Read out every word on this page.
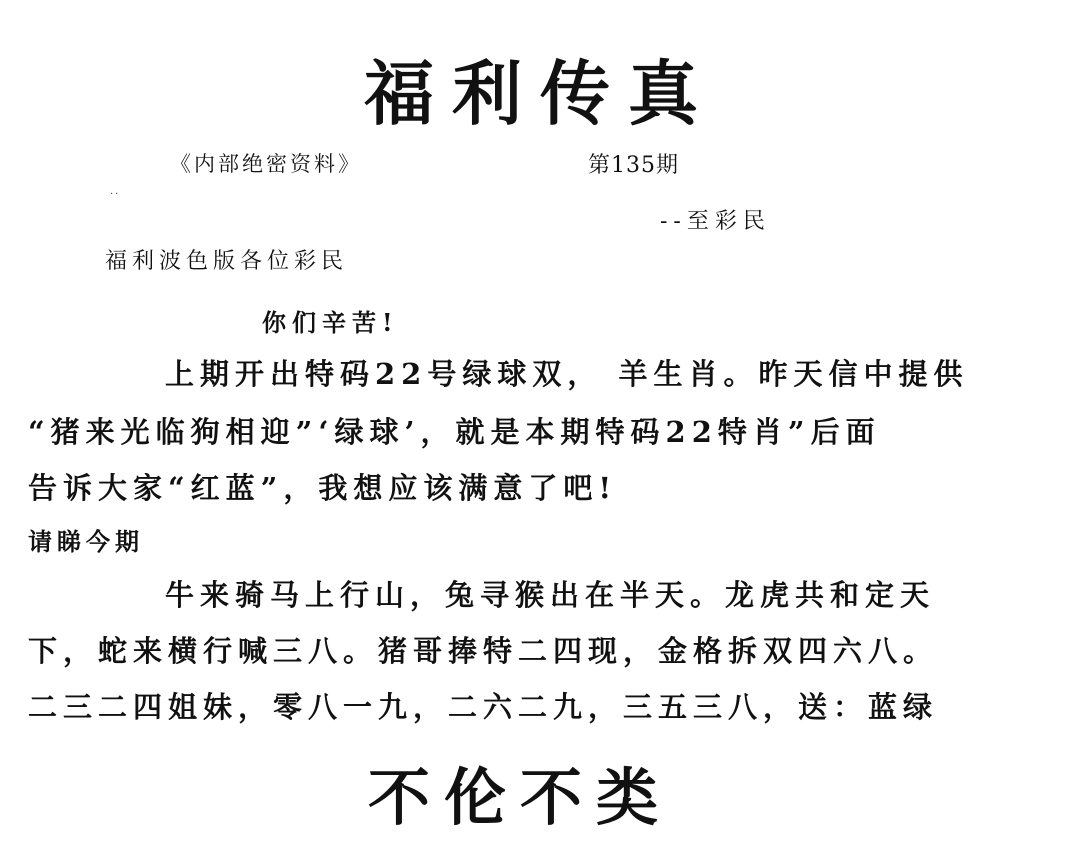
福利传真
《内部绝密资料》	第135期
..
--至彩民
福利波色版各位彩民
你们辛苦!
上期开出特码22号绿球双， 羊生肖。昨天信中提供
“猪来光临狗相迎”‘绿球’，就是本期特码22特肖”后面
告诉大家“红蓝”，我想应该满意了吧!
请睇今期
牛来骑马上行山，兔寻猴出在半天。龙虎共和定天
下，蛇来横行喊三八。猪哥捧特二四现，金格拆双四六八。
二三二四姐妹，零八一九，二六二九，三五三八，送：蓝绿
不伦不类
